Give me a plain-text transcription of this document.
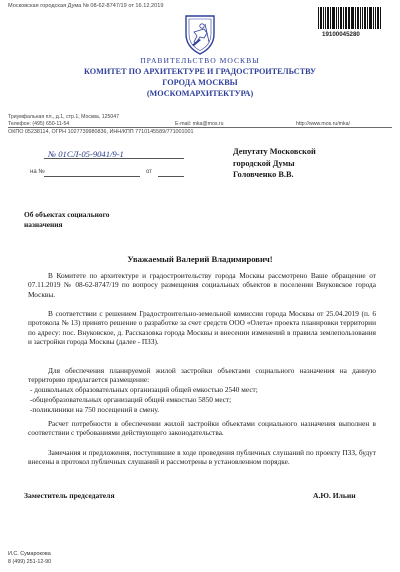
Московская городская Дума № 08-62-8747/19 от 16.12.2019
19100045280
ПРАВИТЕЛЬСТВО МОСКВЫ
КОМИТЕТ ПО АРХИТЕКТУРЕ И ГРАДОСТРОИТЕЛЬСТВУ
ГОРОДА МОСКВЫ
(МОСКОМАРХИТЕКТУРА)
Триумфальная пл., д.1, стр.1, Москва, 125047
Телефон: (495) 650-11-54	E-mail: mka@mos.ru	http://www.mos.ru/mka/
ОКПО 05238114, ОГРН 1027739980836, ИНН/КПП 7710145589/771001001
№ 01СЛ-05-9041/9-1
на №	от
Депутату Московской
городской Думы
Головченко В.В.
Об объектах социального
назначения
Уважаемый Валерий Владимирович!
В Комитете по архитектуре и градостроительству города Москвы рассмотрено Ваше обращение от 07.11.2019 № 08-62-8747/19 по вопросу размещения социальных объектов в поселении Внуковское города Москвы.
В соответствии с решением Градостроительно-земельной комиссии города Москвы от 25.04.2019 (п. 6 протокола № 13) принято решение о разработке за счет средств ООО «Олета» проекта планировки территории по адресу: пос. Внуковское, д. Рассказовка города Москвы и внесении изменений в правила землепользования и застройки города Москвы (далее - ПЗЗ).
Для обеспечения планируемой жилой застройки объектами социального назначения на данную территорию предлагается размещение:
- дошкольных образовательных организаций общей емкостью 2540 мест;
-общеобразовательных организаций общей емкостью 5850 мест;
-поликлиники на 750 посещений в смену.
Расчет потребности в обеспечении жилой застройки объектами социального назначения выполнен в соответствии с требованиями действующего законодательства.
Замечания и предложения, поступившие в ходе проведения публичных слушаний по проекту ПЗЗ, будут внесены в протокол публичных слушаний и рассмотрены в установленном порядке.
Заместитель председателя	А.Ю. Ильин
И.С. Сумарокова
8 (499) 251-12-90
